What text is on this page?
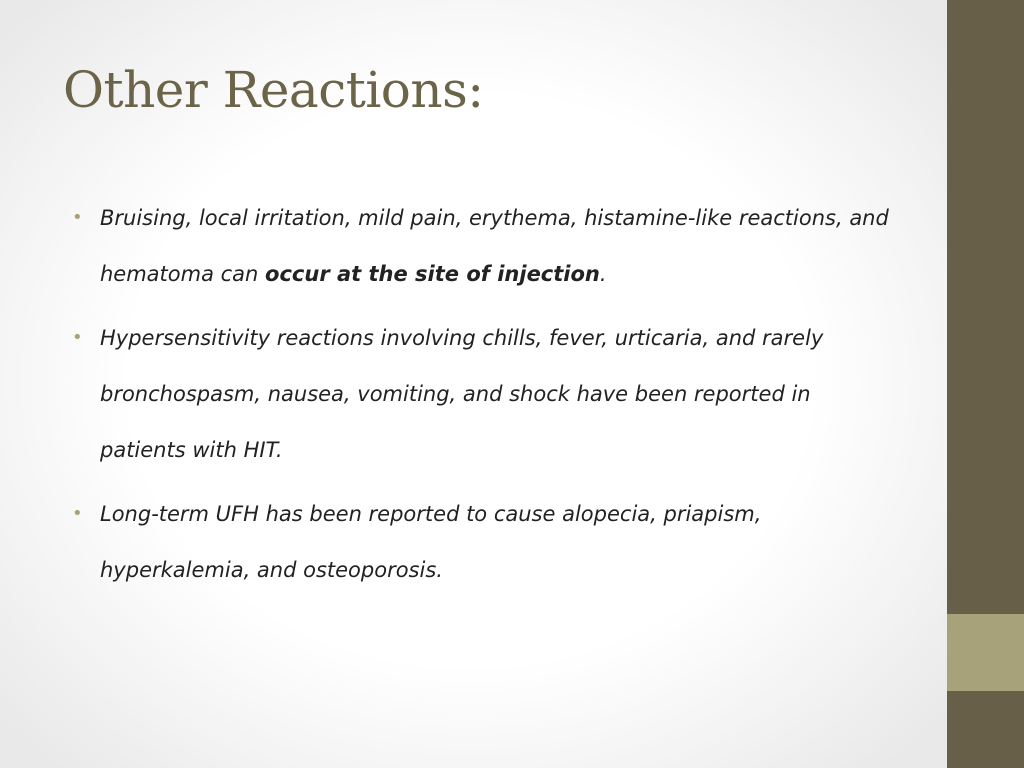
Other Reactions:
• Bruising, local irritation, mild pain, erythema, histamine-like reactions, and hematoma can occur at the site of injection.
• Hypersensitivity reactions involving chills, fever, urticaria, and rarely bronchospasm, nausea, vomiting, and shock have been reported in patients with HIT.
• Long-term UFH has been reported to cause alopecia, priapism, hyperkalemia, and osteoporosis.
